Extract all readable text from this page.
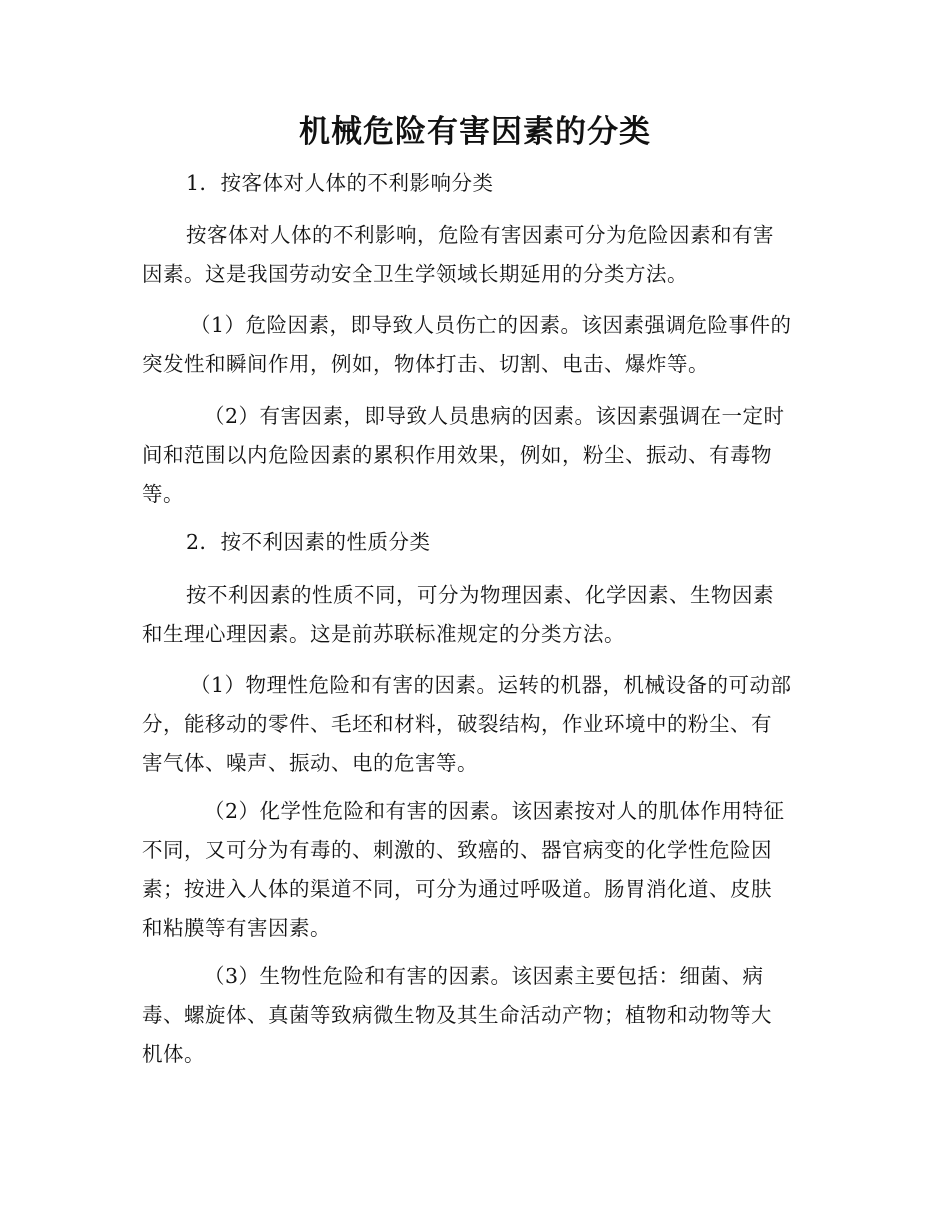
机械危险有害因素的分类

1．按客体对人体的不利影响分类

按客体对人体的不利影响，危险有害因素可分为危险因素和有害
因素。这是我国劳动安全卫生学领域长期延用的分类方法。

（1）危险因素，即导致人员伤亡的因素。该因素强调危险事件的
突发性和瞬间作用，例如，物体打击、切割、电击、爆炸等。

（2）有害因素，即导致人员患病的因素。该因素强调在一定时
间和范围以内危险因素的累积作用效果，例如，粉尘、振动、有毒物
等。

2．按不利因素的性质分类

按不利因素的性质不同，可分为物理因素、化学因素、生物因素
和生理心理因素。这是前苏联标准规定的分类方法。

（1）物理性危险和有害的因素。运转的机器，机械设备的可动部
分，能移动的零件、毛坯和材料，破裂结构，作业环境中的粉尘、有
害气体、噪声、振动、电的危害等。

（2）化学性危险和有害的因素。该因素按对人的肌体作用特征
不同，又可分为有毒的、刺激的、致癌的、器官病变的化学性危险因
素；按进入人体的渠道不同，可分为通过呼吸道。肠胃消化道、皮肤
和粘膜等有害因素。

（3）生物性危险和有害的因素。该因素主要包括：细菌、病
毒、螺旋体、真菌等致病微生物及其生命活动产物；植物和动物等大
机体。
